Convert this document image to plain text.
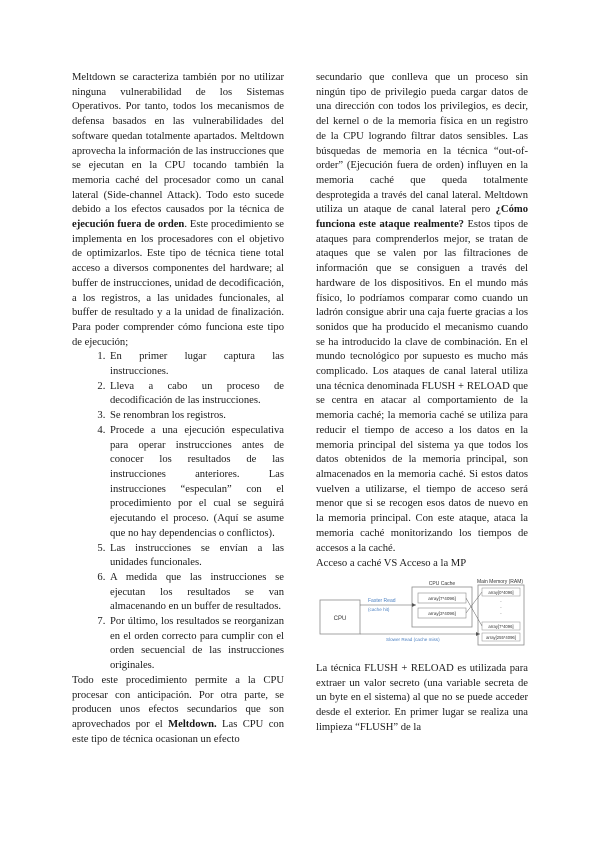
Meltdown se caracteriza también por no utilizar ninguna vulnerabilidad de los Sistemas Operativos. Por tanto, todos los mecanismos de defensa basados en las vulnerabilidades del software quedan totalmente apartados. Meltdown aprovecha la información de las instrucciones que se ejecutan en la CPU tocando también la memoria caché del procesador como un canal lateral (Side-channel Attack). Todo esto sucede debido a los efectos causados por la técnica de ejecución fuera de orden. Este procedimiento se implementa en los procesadores con el objetivo de optimizarlos. Este tipo de técnica tiene total acceso a diversos componentes del hardware; al buffer de instrucciones, unidad de decodificación, a los registros, a las unidades funcionales, al buffer de resultado y a la unidad de finalización. Para poder comprender cómo funciona este tipo de ejecución;

1. En primer lugar captura las instrucciones.
2. Lleva a cabo un proceso de decodificación de las instrucciones.
3. Se renombran los registros.
4. Procede a una ejecución especulativa para operar instrucciones antes de conocer los resultados de las instrucciones anteriores. Las instrucciones “especulan” con el procedimiento por el cual se seguirá ejecutando el proceso. (Aquí se asume que no hay dependencias o conflictos).
5. Las instrucciones se envían a las unidades funcionales.
6. A medida que las instrucciones se ejecutan los resultados se van almacenando en un buffer de resultados.
7. Por último, los resultados se reorganizan en el orden correcto para cumplir con el orden secuencial de las instrucciones originales.

Todo este procedimiento permite a la CPU procesar con anticipación. Por otra parte, se producen unos efectos secundarios que son aprovechados por el Meltdown. Las CPU con este tipo de técnica ocasionan un efecto

secundario que conlleva que un proceso sin ningún tipo de privilegio pueda cargar datos de una dirección con todos los privilegios, es decir, del kernel o de la memoria física en un registro de la CPU logrando filtrar datos sensibles. Las búsquedas de memoria en la técnica “out-of-order” (Ejecución fuera de orden) influyen en la memoria caché que queda totalmente desprotegida a través del canal lateral. Meltdown utiliza un ataque de canal lateral pero ¿Cómo funciona este ataque realmente? Estos tipos de ataques para comprenderlos mejor, se tratan de ataques que se valen por las filtraciones de información que se consiguen a través del hardware de los dispositivos. En el mundo más físico, lo podríamos comparar como cuando un ladrón consigue abrir una caja fuerte gracias a los sonidos que ha producido el mecanismo cuando se ha introducido la clave de combinación. En el mundo tecnológico por supuesto es mucho más complicado. Los ataques de canal lateral utiliza una técnica denominada FLUSH + RELOAD que se centra en atacar al comportamiento de la memoria caché; la memoria caché se utiliza para reducir el tiempo de acceso a los datos en la memoria principal del sistema ya que todos los datos obtenidos de la memoria principal, son almacenados en la memoria caché. Si estos datos vuelven a utilizarse, el tiempo de acceso será menor que si se recogen esos datos de nuevo en la memoria principal. Con este ataque, ataca la memoria caché monitorizando los tiempos de accesos a la caché.

Acceso a caché VS Acceso a la MP

CPU
CPU Cache
array[7*4096]
array[3*4096]
Main Memory (RAM)
array[0*4096]
·
·
·
array[7*4096]
array[255*4096]
Faster Read
(cache hit)
Slower Read (cache miss)

La técnica FLUSH + RELOAD es utilizada para extraer un valor secreto (una variable secreta de un byte en el sistema) al que no se puede acceder desde el exterior. En primer lugar se realiza una limpieza “FLUSH” de la
